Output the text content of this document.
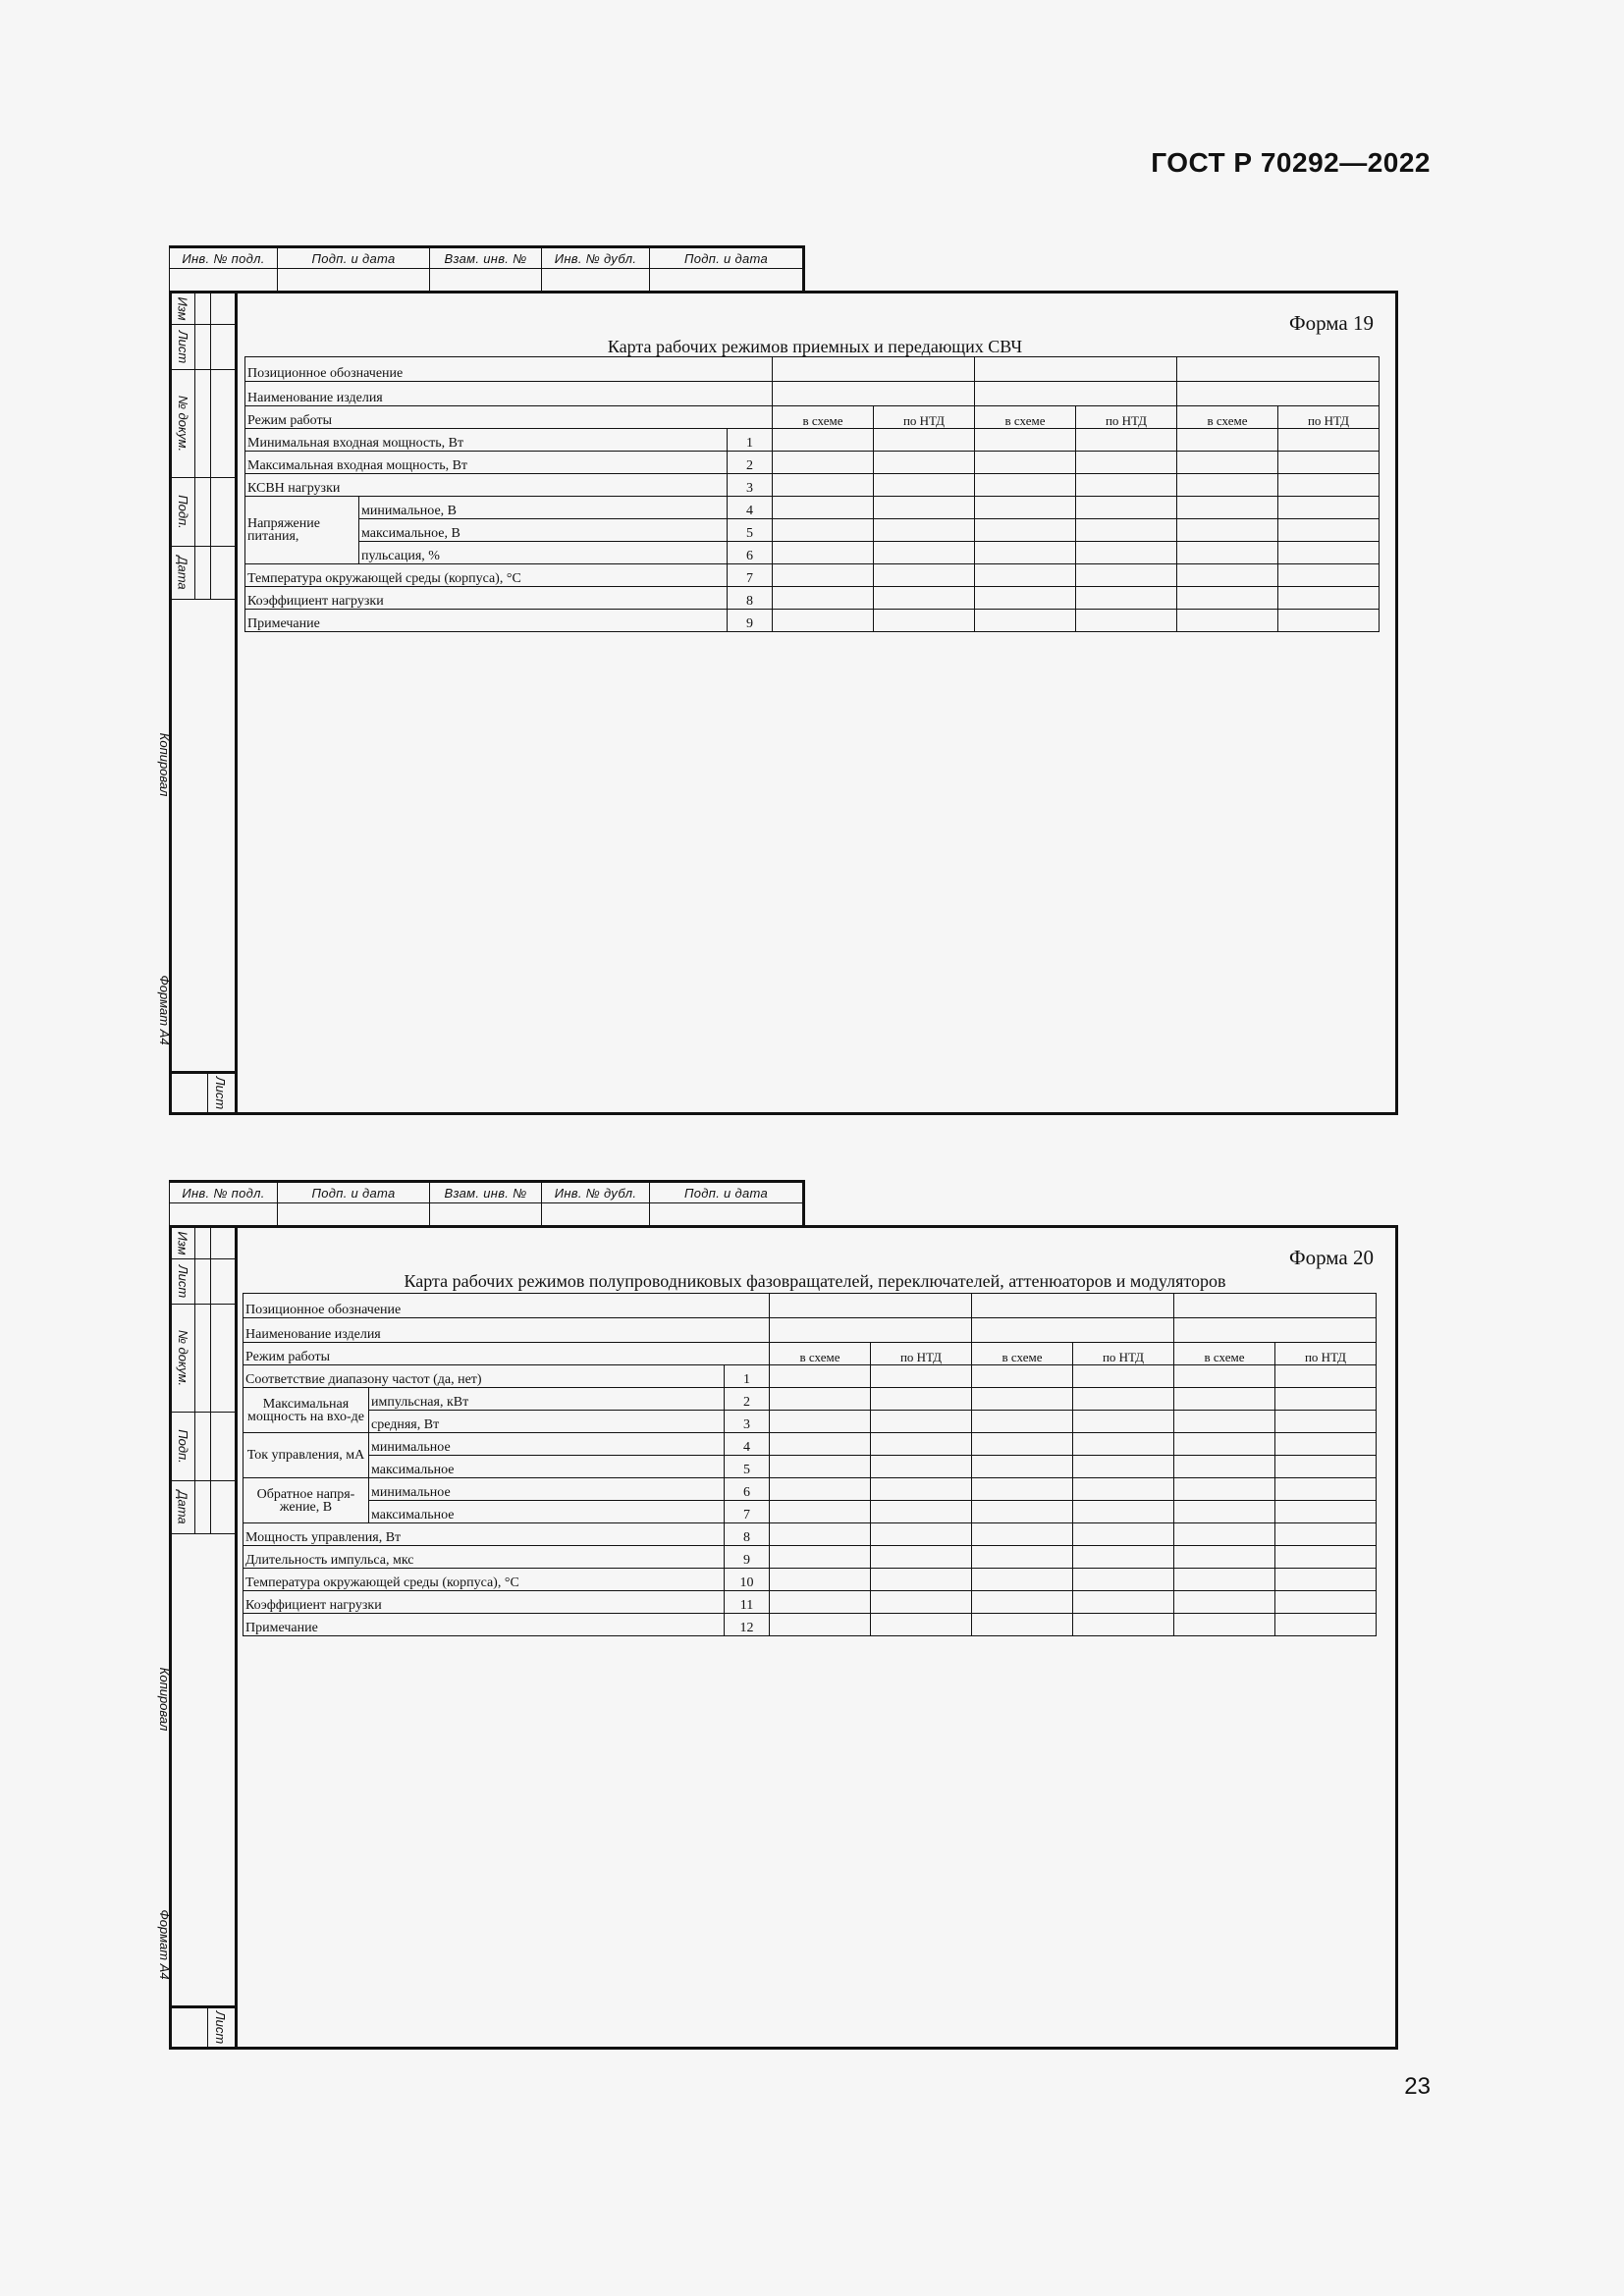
ГОСТ Р 70292—2022
Инв. № подл.	Подп. и дата	Взам. инв. №	Инв. № дубл.	Подп. и дата

Изм
Лист
№ докум.
Подп.
Дата
Лист
Копировал
Формат А4
Форма 19
Карта рабочих режимов приемных и передающих СВЧ
Позиционное обозначение								
Наименование изделия								
Режим работы			в схеме	по НТД	в схеме	по НТД	в схеме	по НТД
Минимальная входная мощность, Вт		1						
Максимальная входная мощность, Вт		2						
КСВН нагрузки		3						
Напряжение питания,	минимальное, В	4						
	максимальное, В	5						
	пульсация, %	6						
Температура окружающей среды (корпуса), °С		7						
Коэффициент нагрузки		8						
Примечание		9						
Инв. № подл.	Подп. и дата	Взам. инв. №	Инв. № дубл.	Подп. и дата

Изм
Лист
№ докум.
Подп.
Дата
Лист
Копировал
Формат А4
Форма 20
Карта рабочих режимов полупроводниковых фазовращателей, переключателей, аттенюаторов и модуляторов
Позиционное обозначение								
Наименование изделия								
Режим работы			в схеме	по НТД	в схеме	по НТД	в схеме	по НТД
Соответствие диапазону частот (да, нет)		1						
Максимальная мощность на вхо-де	импульсная, кВт	2						
	средняя, Вт	3						
Ток управления, мА	минимальное	4						
	максимальное	5						
Обратное напря-жение, В	минимальное	6						
	максимальное	7						
Мощность управления, Вт		8						
Длительность импульса, мкс		9						
Температура окружающей среды (корпуса), °С		10						
Коэффициент нагрузки		11						
Примечание		12						
23
